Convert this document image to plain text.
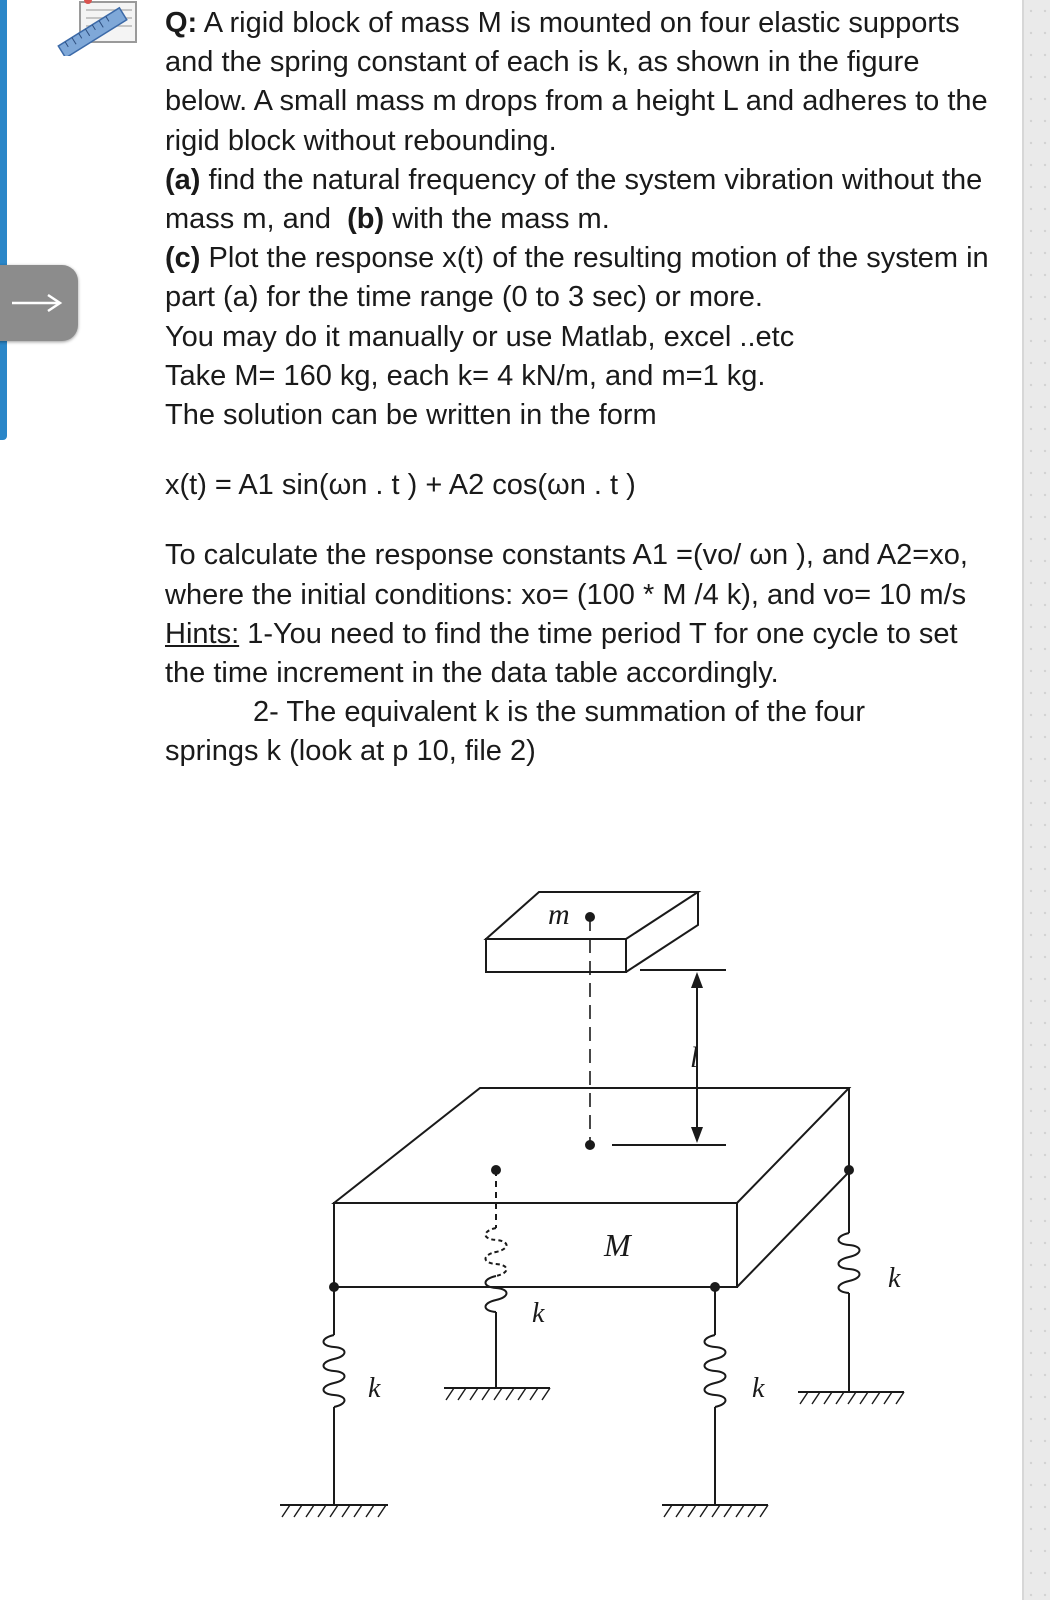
Q: A rigid block of mass M is mounted on four elastic supports and the spring constant of each is k, as shown in the figure below. A small mass m drops from a height L and adheres to the rigid block without rebounding.

(a) find the natural frequency of the system vibration without the mass m, and (b) with the mass m.

(c) Plot the response x(t) of the resulting motion of the system in part (a) for the time range (0 to 3 sec) or more.

You may do it manually or use Matlab, excel ..etc

Take M= 160 kg, each k= 4 kN/m, and m=1 kg.

The solution can be written in the form

x(t) = A1 sin(ωn . t ) + A2 cos(ωn . t )

To calculate the response constants A1 =(vo/ ωn ), and A2=xo, where the initial conditions: xo= (100 * M /4 k), and vo= 10 m/s

Hints: 1-You need to find the time period T for one cycle to set the time increment in the data table accordingly.

2- The equivalent k is the summation of the four

springs k (look at p 10, file 2)

m
l
M
k	k
k
k
